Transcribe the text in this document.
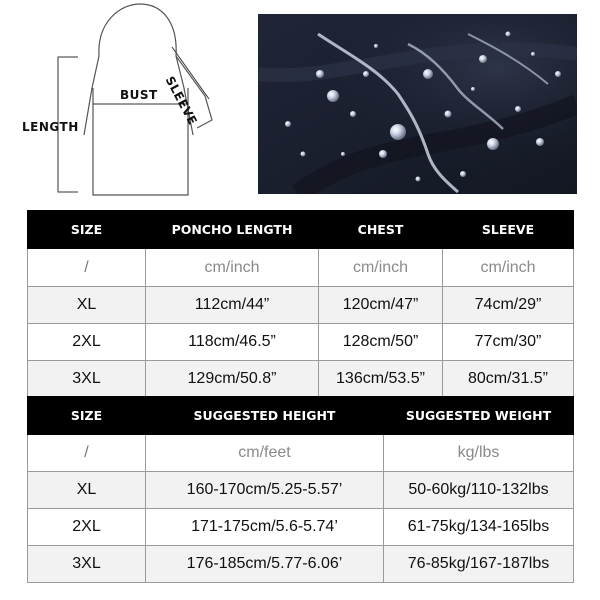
LENGTH
BUST SLEEVE
SIZE	PONCHO LENGTH	CHEST	SLEEVE
/	cm/inch	cm/inch	cm/inch
XL	112cm/44”	120cm/47”	74cm/29”
2XL	118cm/46.5”	128cm/50”	77cm/30”
3XL	129cm/50.8”	136cm/53.5”	80cm/31.5”
SIZE	SUGGESTED HEIGHT	SUGGESTED WEIGHT
/	cm/feet	kg/lbs
XL	160-170cm/5.25-5.57’	50-60kg/110-132lbs
2XL	171-175cm/5.6-5.74’	61-75kg/134-165lbs
3XL	176-185cm/5.77-6.06’	76-85kg/167-187lbs
